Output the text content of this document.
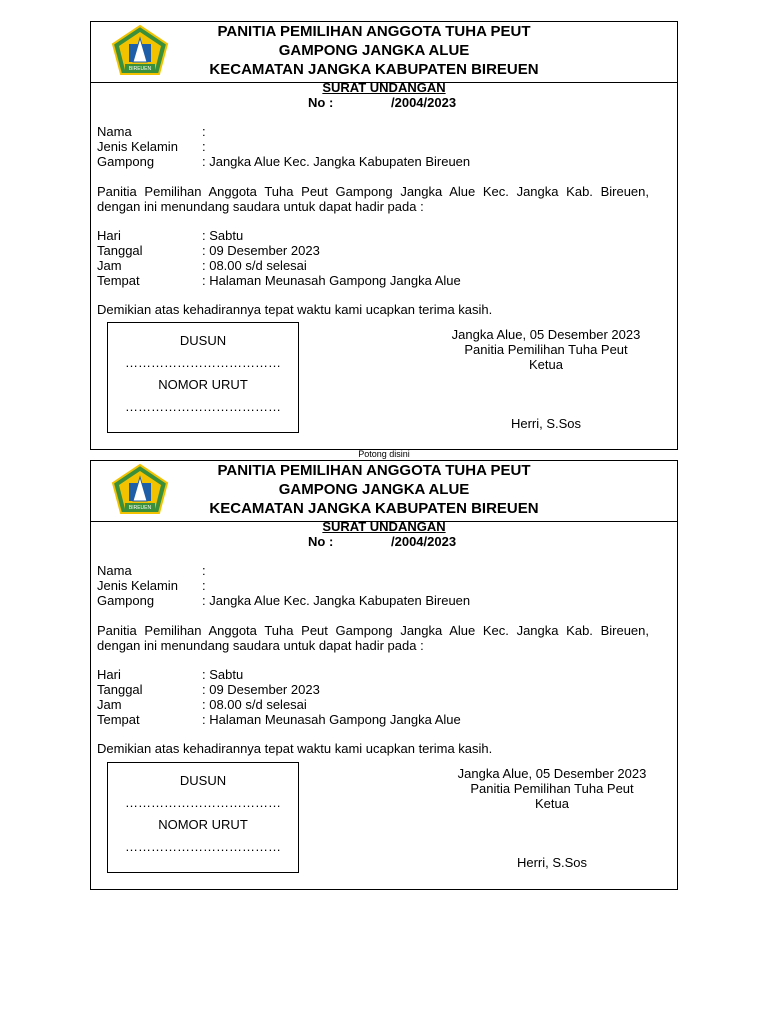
BIREUEN
PANITIA PEMILIHAN ANGGOTA TUHA PEUT
GAMPONG JANGKA ALUE
KECAMATAN JANGKA KABUPATEN BIREUEN
SURAT UNDANGAN
No :	/2004/2023
Nama	:
Jenis Kelamin :
Gampong	: Jangka Alue Kec. Jangka Kabupaten Bireuen
Panitia Pemilihan Anggota Tuha Peut Gampong Jangka Alue Kec. Jangka Kab. Bireuen, dengan ini menundang saudara untuk dapat hadir pada :
Hari	: Sabtu
Tanggal	: 09 Desember 2023
Jam	: 08.00 s/d selesai
Tempat	: Halaman Meunasah Gampong Jangka Alue
Demikian atas kehadirannya tepat waktu kami ucapkan terima kasih.
DUSUN
………………………………
NOMOR URUT
………………………………
Jangka Alue, 05 Desember 2023
Panitia Pemilihan Tuha Peut
Ketua
Herri, S.Sos
Potong disini
BIREUEN
PANITIA PEMILIHAN ANGGOTA TUHA PEUT
GAMPONG JANGKA ALUE
KECAMATAN JANGKA KABUPATEN BIREUEN
SURAT UNDANGAN
No :	/2004/2023
Nama	:
Jenis Kelamin :
Gampong	: Jangka Alue Kec. Jangka Kabupaten Bireuen
Panitia Pemilihan Anggota Tuha Peut Gampong Jangka Alue Kec. Jangka Kab. Bireuen, dengan ini menundang saudara untuk dapat hadir pada :
Hari	: Sabtu
Tanggal	: 09 Desember 2023
Jam	: 08.00 s/d selesai
Tempat	: Halaman Meunasah Gampong Jangka Alue
Demikian atas kehadirannya tepat waktu kami ucapkan terima kasih.
DUSUN
………………………………
NOMOR URUT
………………………………
Jangka Alue, 05 Desember 2023
Panitia Pemilihan Tuha Peut
Ketua
Herri, S.Sos
